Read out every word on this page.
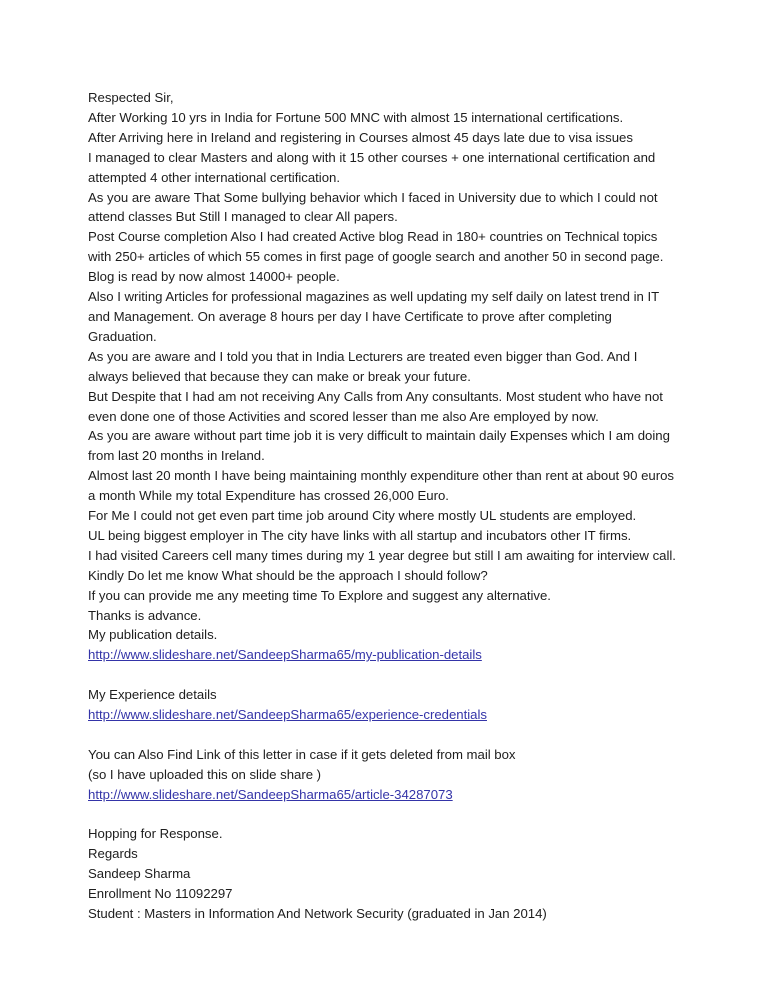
Respected Sir,
After Working 10 yrs in India for Fortune 500 MNC with almost 15 international certifications.
After Arriving here in Ireland and registering in Courses almost 45 days late due to visa issues
I managed to clear Masters and along with it 15 other courses + one international certification and attempted 4 other international certification.
As you are aware That Some bullying behavior which I faced in University due to which I could not attend classes But Still I managed to clear All papers.
Post Course completion Also I had created Active blog Read in 180+ countries on Technical topics with 250+ articles of which 55 comes in first page of google search and another 50 in second page. Blog is read by now almost 14000+ people.
Also I writing Articles for professional magazines as well updating my self daily on latest trend in IT and Management. On average 8 hours per day I have Certificate to prove after completing Graduation.
As you are aware and I told you that in India Lecturers are treated even bigger than God. And I always believed that because they can make or break your future.
But Despite that I had am not receiving Any Calls from Any consultants. Most student who have not even done one of those Activities and scored lesser than me also Are employed by now.
As you are aware without part time job it is very difficult to maintain daily Expenses which I am doing from last 20 months in Ireland.
Almost last 20 month I have being maintaining monthly expenditure other than rent at about 90 euros a month While my total Expenditure has crossed 26,000 Euro.
For Me I could not get even part time job around City where mostly UL students are employed.
UL being biggest employer in The city have links with all startup and incubators other IT firms.
I had visited Careers cell many times during my 1 year degree but still I am awaiting for interview call.
Kindly Do let me know What should be the approach I should follow?
If you can provide me any meeting time To Explore and suggest any alternative.
Thanks is advance.
My publication details.
http://www.slideshare.net/SandeepSharma65/my-publication-details
My Experience details
http://www.slideshare.net/SandeepSharma65/experience-credentials
You can Also Find Link of this letter in case if it gets deleted from mail box
(so I have uploaded this on slide share )
http://www.slideshare.net/SandeepSharma65/article-34287073
Hopping for Response.
Regards
Sandeep Sharma
Enrollment No 11092297
Student : Masters in Information And Network Security (graduated in Jan 2014)
